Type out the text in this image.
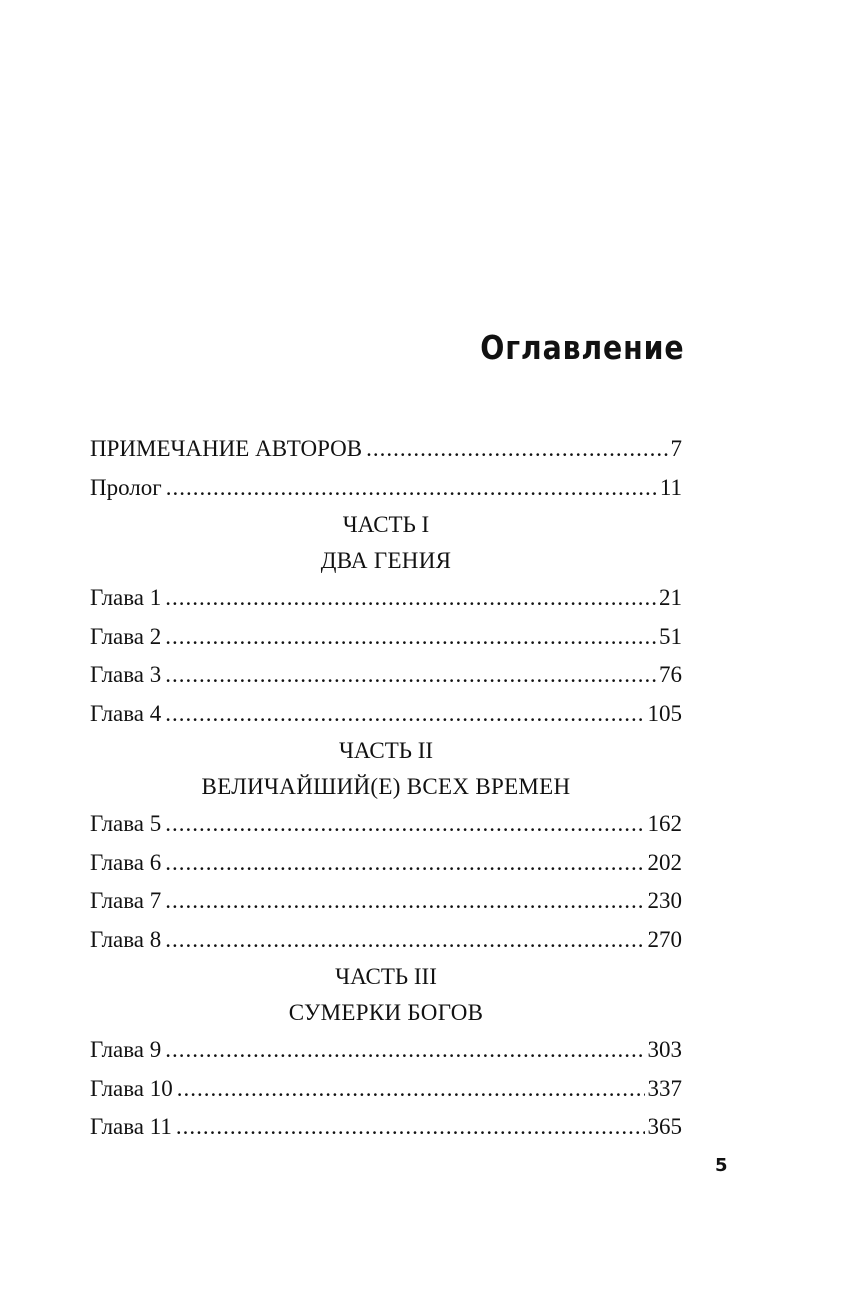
Оглавление
ПРИМЕЧАНИЕ АВТОРОВ .....	7
Пролог .....	11
ЧАСТЬ I
ДВА ГЕНИЯ
Глава 1 .....	21
Глава 2 .....	51
Глава 3 .....	76
Глава 4 .....	105
ЧАСТЬ II
ВЕЛИЧАЙШИЙ(Е) ВСЕХ ВРЕМЕН
Глава 5 .....	162
Глава 6 .....	202
Глава 7 .....	230
Глава 8 .....	270
ЧАСТЬ III
СУМЕРКИ БОГОВ
Глава 9 .....	303
Глава 10 .....	337
Глава 11 .....	365

5
